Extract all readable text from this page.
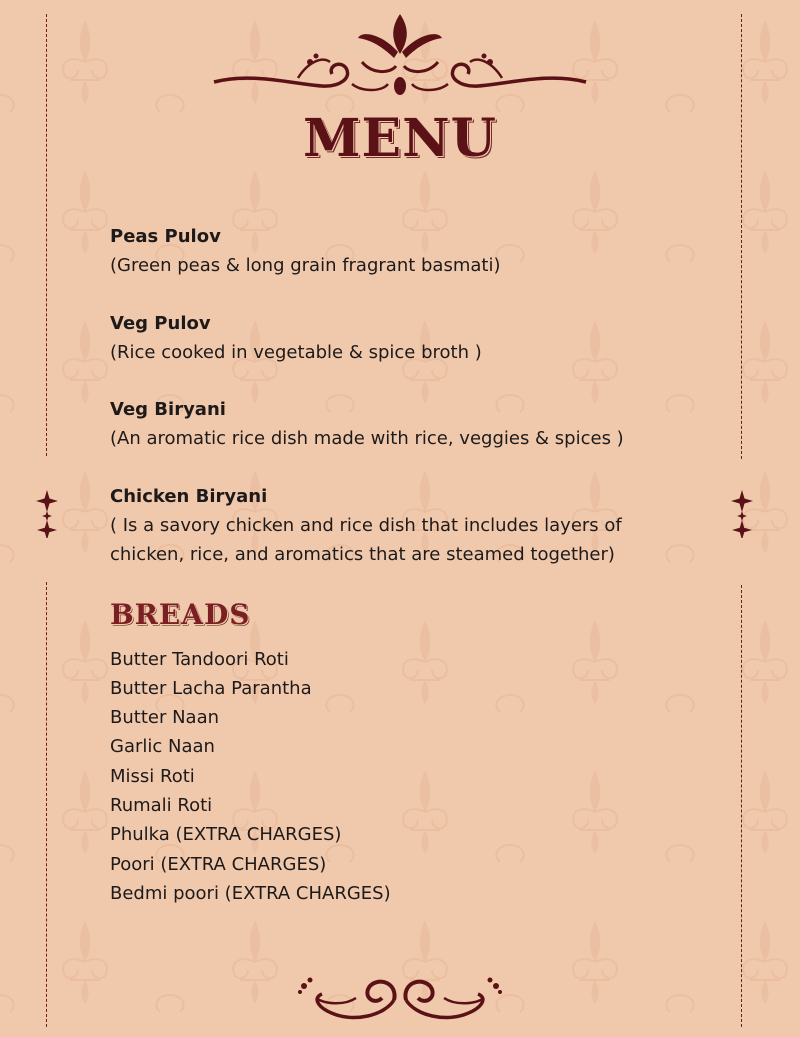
MENU
Peas Pulov
(Green peas & long grain fragrant basmati)
Veg Pulov
(Rice cooked in vegetable & spice broth )
Veg Biryani
(An aromatic rice dish made with rice, veggies & spices )
Chicken Biryani
( Is a savory chicken and rice dish that includes layers of chicken, rice, and aromatics that are steamed together)
BREADS
Butter Tandoori Roti
Butter Lacha Parantha
Butter Naan
Garlic Naan
Missi Roti
Rumali Roti
Phulka (EXTRA CHARGES)
Poori (EXTRA CHARGES)
Bedmi poori (EXTRA CHARGES)
